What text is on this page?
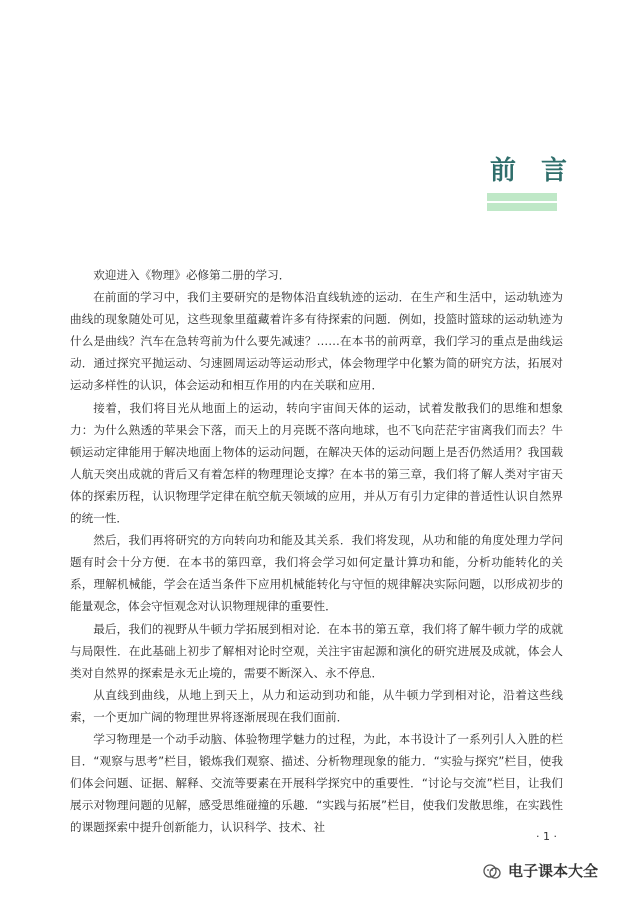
前 言

欢迎进入《物理》必修第二册的学习．

在前面的学习中，我们主要研究的是物体沿直线轨迹的运动．在生产和生活中，运动轨迹为曲线的现象随处可见，这些现象里蕴藏着许多有待探索的问题．例如，投篮时篮球的运动轨迹为什么是曲线？汽车在急转弯前为什么要先减速？……在本书的前两章，我们学习的重点是曲线运动．通过探究平抛运动、匀速圆周运动等运动形式，体会物理学中化繁为简的研究方法，拓展对运动多样性的认识，体会运动和相互作用的内在关联和应用．

接着，我们将目光从地面上的运动，转向宇宙间天体的运动，试着发散我们的思维和想象力：为什么熟透的苹果会下落，而天上的月亮既不落向地球，也不飞向茫茫宇宙离我们而去？牛顿运动定律能用于解决地面上物体的运动问题，在解决天体的运动问题上是否仍然适用？我国载人航天突出成就的背后又有着怎样的物理理论支撑？在本书的第三章，我们将了解人类对宇宙天体的探索历程，认识物理学定律在航空航天领域的应用，并从万有引力定律的普适性认识自然界的统一性．

然后，我们再将研究的方向转向功和能及其关系．我们将发现，从功和能的角度处理力学问题有时会十分方便．在本书的第四章，我们将会学习如何定量计算功和能，分析功能转化的关系，理解机械能，学会在适当条件下应用机械能转化与守恒的规律解决实际问题，以形成初步的能量观念，体会守恒观念对认识物理规律的重要性．

最后，我们的视野从牛顿力学拓展到相对论．在本书的第五章，我们将了解牛顿力学的成就与局限性．在此基础上初步了解相对论时空观，关注宇宙起源和演化的研究进展及成就，体会人类对自然界的探索是永无止境的，需要不断深入、永不停息．

从直线到曲线，从地上到天上，从力和运动到功和能，从牛顿力学到相对论，沿着这些线索，一个更加广阔的物理世界将逐渐展现在我们面前．

学习物理是一个动手动脑、体验物理学魅力的过程，为此，本书设计了一系列引人入胜的栏目．“观察与思考”栏目，锻炼我们观察、描述、分析物理现象的能力．“实验与探究”栏目，使我们体会问题、证据、解释、交流等要素在开展科学探究中的重要性．“讨论与交流”栏目，让我们展示对物理问题的见解，感受思维碰撞的乐趣．“实践与拓展”栏目，使我们发散思维，在实践性的课题探索中提升创新能力，认识科学、技术、社

· 1 ·
电子课本大全
